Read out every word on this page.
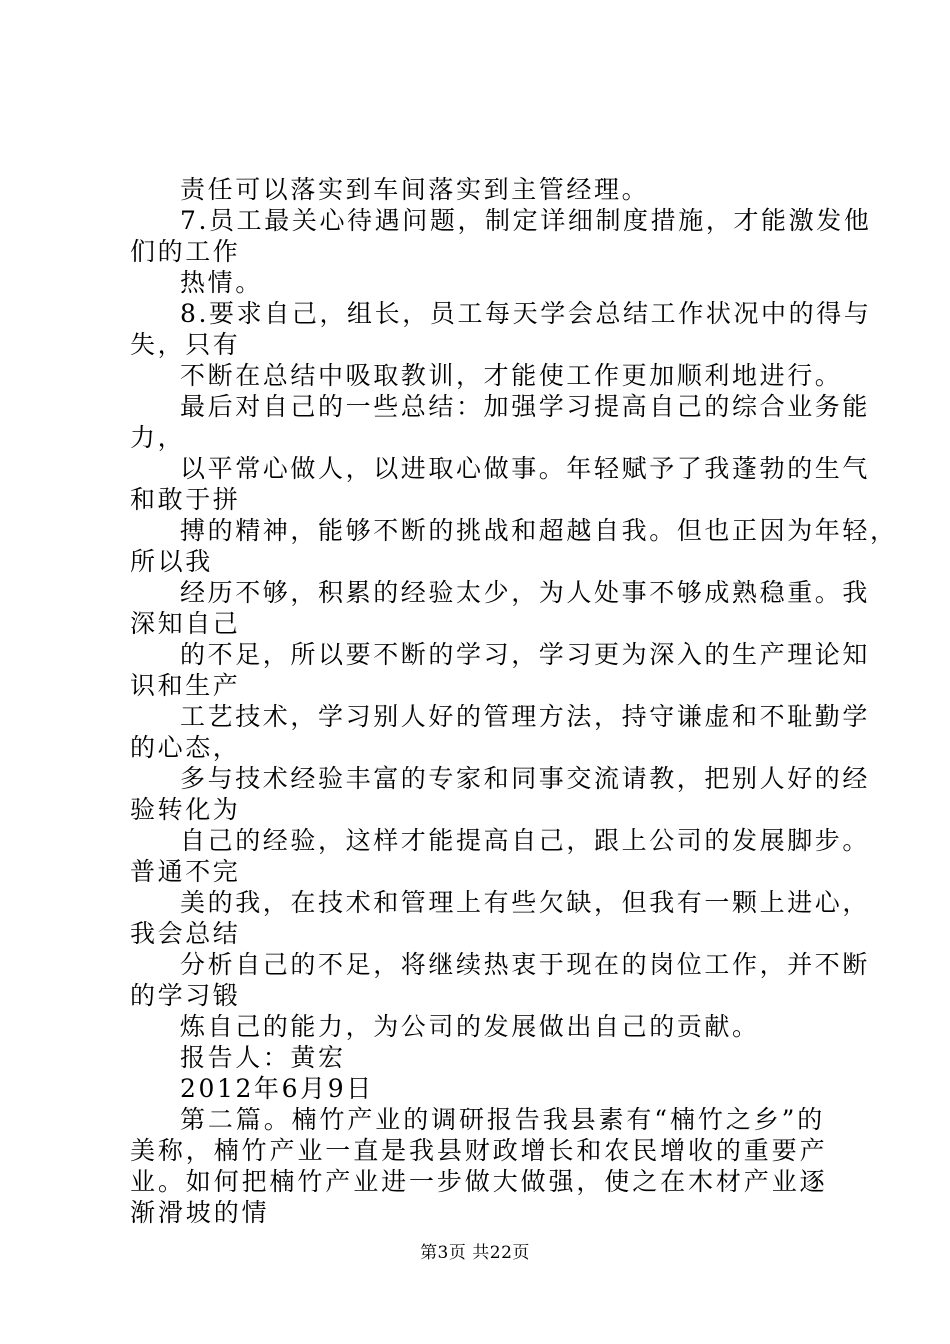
责任可以落实到车间落实到主管经理。
7.员工最关心待遇问题，制定详细制度措施，才能激发他
们的工作
热情。
8.要求自己，组长，员工每天学会总结工作状况中的得与
失，只有
不断在总结中吸取教训，才能使工作更加顺利地进行。
最后对自己的一些总结：加强学习提高自己的综合业务能
力，
以平常心做人，以进取心做事。年轻赋予了我蓬勃的生气
和敢于拼
搏的精神，能够不断的挑战和超越自我。但也正因为年轻，
所以我
经历不够，积累的经验太少，为人处事不够成熟稳重。我
深知自己
的不足，所以要不断的学习，学习更为深入的生产理论知
识和生产
工艺技术，学习别人好的管理方法，持守谦虚和不耻勤学
的心态，
多与技术经验丰富的专家和同事交流请教，把别人好的经
验转化为
自己的经验，这样才能提高自己，跟上公司的发展脚步。
普通不完
美的我，在技术和管理上有些欠缺，但我有一颗上进心，
我会总结
分析自己的不足，将继续热衷于现在的岗位工作，并不断
的学习锻
炼自己的能力，为公司的发展做出自己的贡献。
报告人：黄宏
2012年6月9日
第二篇。楠竹产业的调研报告我县素有“楠竹之乡”的美称，楠竹产业一直是我县财政增长和农民增收的重要产业。如何把楠竹产业进一步做大做强，使之在木材产业逐渐滑坡的情
第3页 共22页
